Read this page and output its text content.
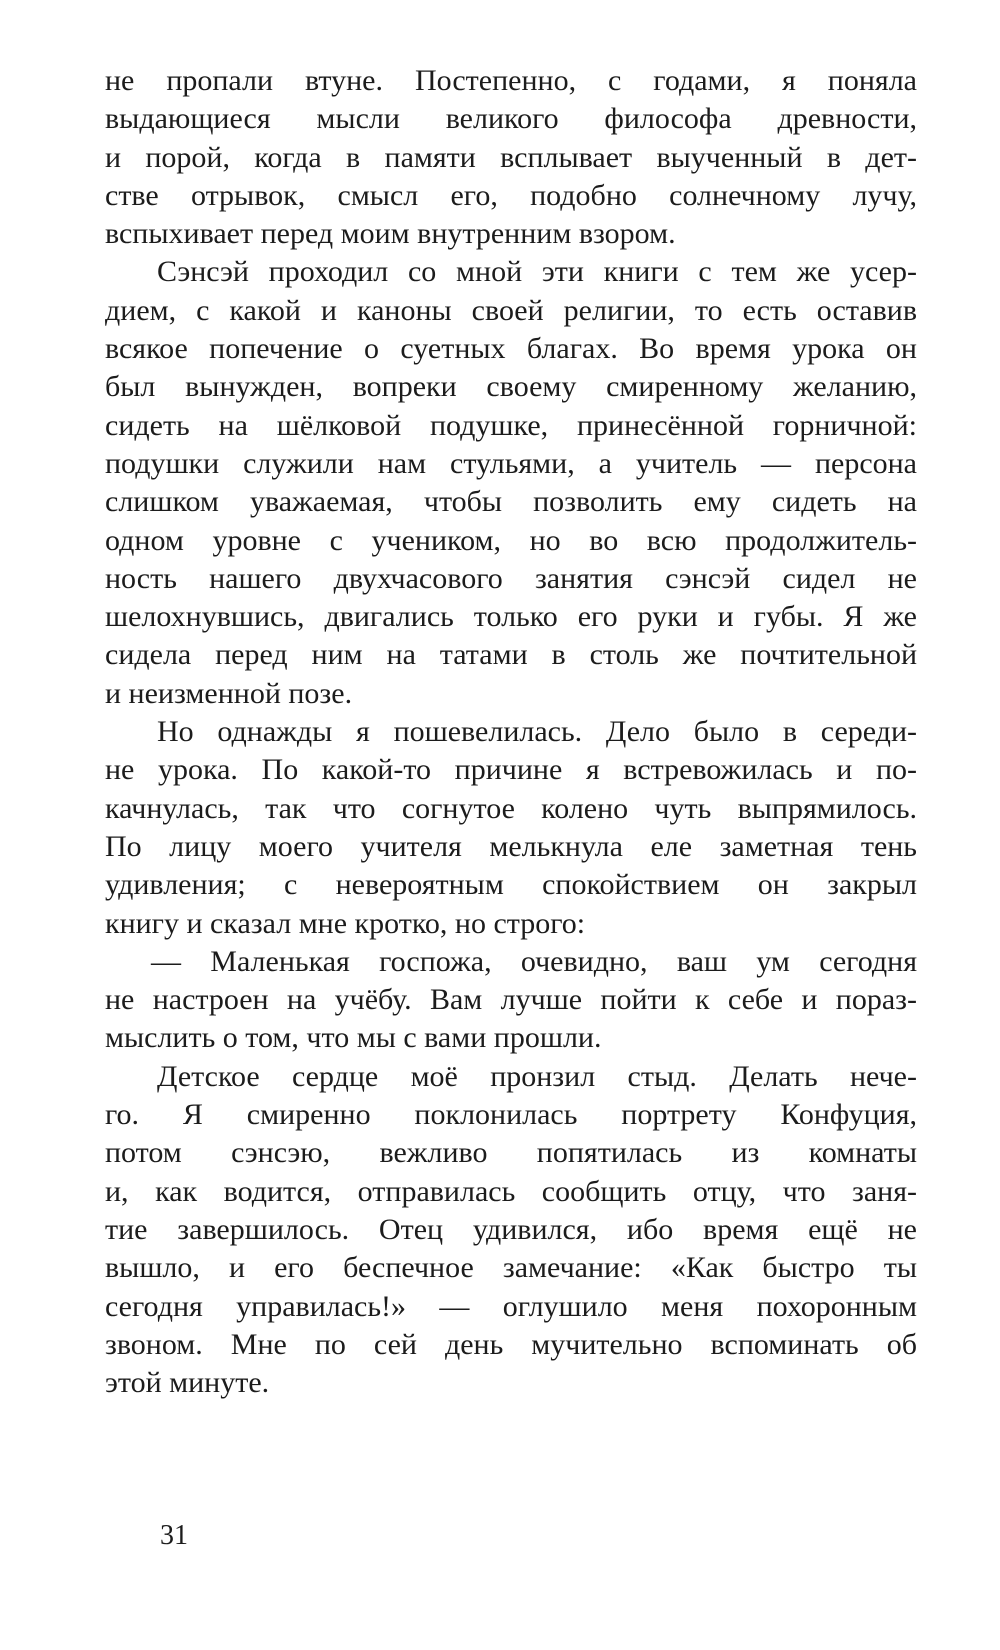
не пропали втуне. Постепенно, с годами, я поняла
выдающиеся мысли великого философа древности,
и порой, когда в памяти всплывает выученный в дет-
стве отрывок, смысл его, подобно солнечному лучу,
вспыхивает перед моим внутренним взором.

Сэнсэй проходил со мной эти книги с тем же усер-
дием, с какой и каноны своей религии, то есть оставив
всякое попечение о суетных благах. Во время урока он
был вынужден, вопреки своему смиренному желанию,
сидеть на шёлковой подушке, принесённой горничной:
подушки служили нам стульями, а учитель — персона
слишком уважаемая, чтобы позволить ему сидеть на
одном уровне с учеником, но во всю продолжитель-
ность нашего двухчасового занятия сэнсэй сидел не
шелохнувшись, двигались только его руки и губы. Я же
сидела перед ним на татами в столь же почтительной
и неизменной позе.

Но однажды я пошевелилась. Дело было в середи-
не урока. По какой-то причине я встревожилась и по-
качнулась, так что согнутое колено чуть выпрямилось.
По лицу моего учителя мелькнула еле заметная тень
удивления; с невероятным спокойствием он закрыл
книгу и сказал мне кротко, но строго:

— Маленькая госпожа, очевидно, ваш ум сегодня
не настроен на учёбу. Вам лучше пойти к себе и пораз-
мыслить о том, что мы с вами прошли.

Детское сердце моё пронзил стыд. Делать нече-
го. Я смиренно поклонилась портрету Конфуция,
потом сэнсэю, вежливо попятилась из комнаты
и, как водится, отправилась сообщить отцу, что заня-
тие завершилось. Отец удивился, ибо время ещё не
вышло, и его беспечное замечание: «Как быстро ты
сегодня управилась!» — оглушило меня похоронным
звоном. Мне по сей день мучительно вспоминать об
этой минуте.

31
